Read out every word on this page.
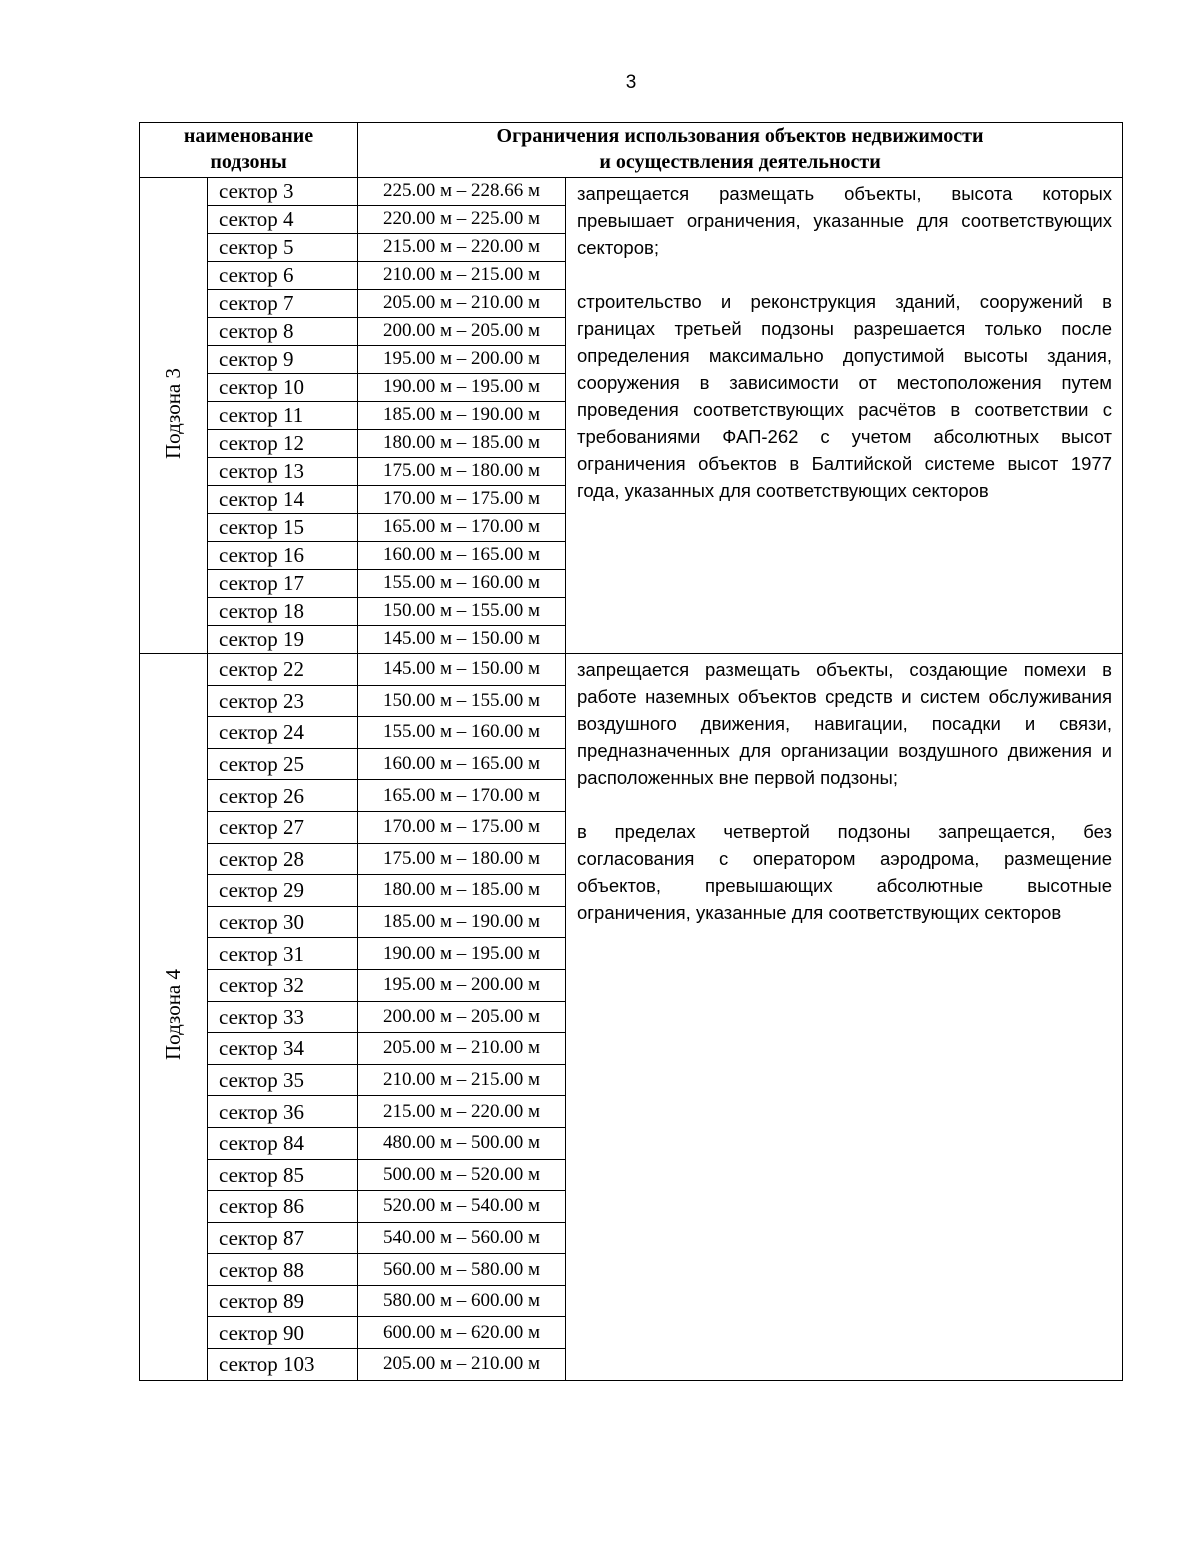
3
наименование
подзоны		Ограничения использования объектов недвижимости
и осуществления деятельности	
Подзона 3	сектор 3	225.00 м – 228.66 м	запрещается размещать объекты, высота которых превышает ограничения, указанные для соответствующих секторов;

строительство и реконструкция зданий, сооружений в границах третьей подзоны разрешается только после определения максимально допустимой высоты здания, сооружения в зависимости от местоположения путем проведения соответствующих расчётов в соответствии с требованиями ФАП-262 с учетом абсолютных высот ограничения объектов в Балтийской системе высот 1977 года, указанных для соответствующих секторов

	сектор 4	220.00 м – 225.00 м	
	сектор 5	215.00 м – 220.00 м	
	сектор 6	210.00 м – 215.00 м	
	сектор 7	205.00 м – 210.00 м	
	сектор 8	200.00 м – 205.00 м	
	сектор 9	195.00 м – 200.00 м	
	сектор 10	190.00 м – 195.00 м	
	сектор 11	185.00 м – 190.00 м	
	сектор 12	180.00 м – 185.00 м	
	сектор 13	175.00 м – 180.00 м	
	сектор 14	170.00 м – 175.00 м	
	сектор 15	165.00 м – 170.00 м	
	сектор 16	160.00 м – 165.00 м	
	сектор 17	155.00 м – 160.00 м	
	сектор 18	150.00 м – 155.00 м	
	сектор 19	145.00 м – 150.00 м	
Подзона 4	сектор 22	145.00 м – 150.00 м	запрещается размещать объекты, создающие помехи в работе наземных объектов средств и систем обслуживания воздушного движения, навигации, посадки и связи, предназначенных для организации воздушного движения и расположенных вне первой подзоны;

в пределах четвертой подзоны запрещается, без согласования с оператором аэродрома, размещение объектов, превышающих абсолютные высотные ограничения, указанные для соответствующих секторов

	сектор 23	150.00 м – 155.00 м	
	сектор 24	155.00 м – 160.00 м	
	сектор 25	160.00 м – 165.00 м	
	сектор 26	165.00 м – 170.00 м	
	сектор 27	170.00 м – 175.00 м	
	сектор 28	175.00 м – 180.00 м	
	сектор 29	180.00 м – 185.00 м	
	сектор 30	185.00 м – 190.00 м	
	сектор 31	190.00 м – 195.00 м	
	сектор 32	195.00 м – 200.00 м	
	сектор 33	200.00 м – 205.00 м	
	сектор 34	205.00 м – 210.00 м	
	сектор 35	210.00 м – 215.00 м	
	сектор 36	215.00 м – 220.00 м	
	сектор 84	480.00 м – 500.00 м	
	сектор 85	500.00 м – 520.00 м	
	сектор 86	520.00 м – 540.00 м	
	сектор 87	540.00 м – 560.00 м	
	сектор 88	560.00 м – 580.00 м	
	сектор 89	580.00 м – 600.00 м	
	сектор 90	600.00 м – 620.00 м	
	сектор 103	205.00 м – 210.00 м	
